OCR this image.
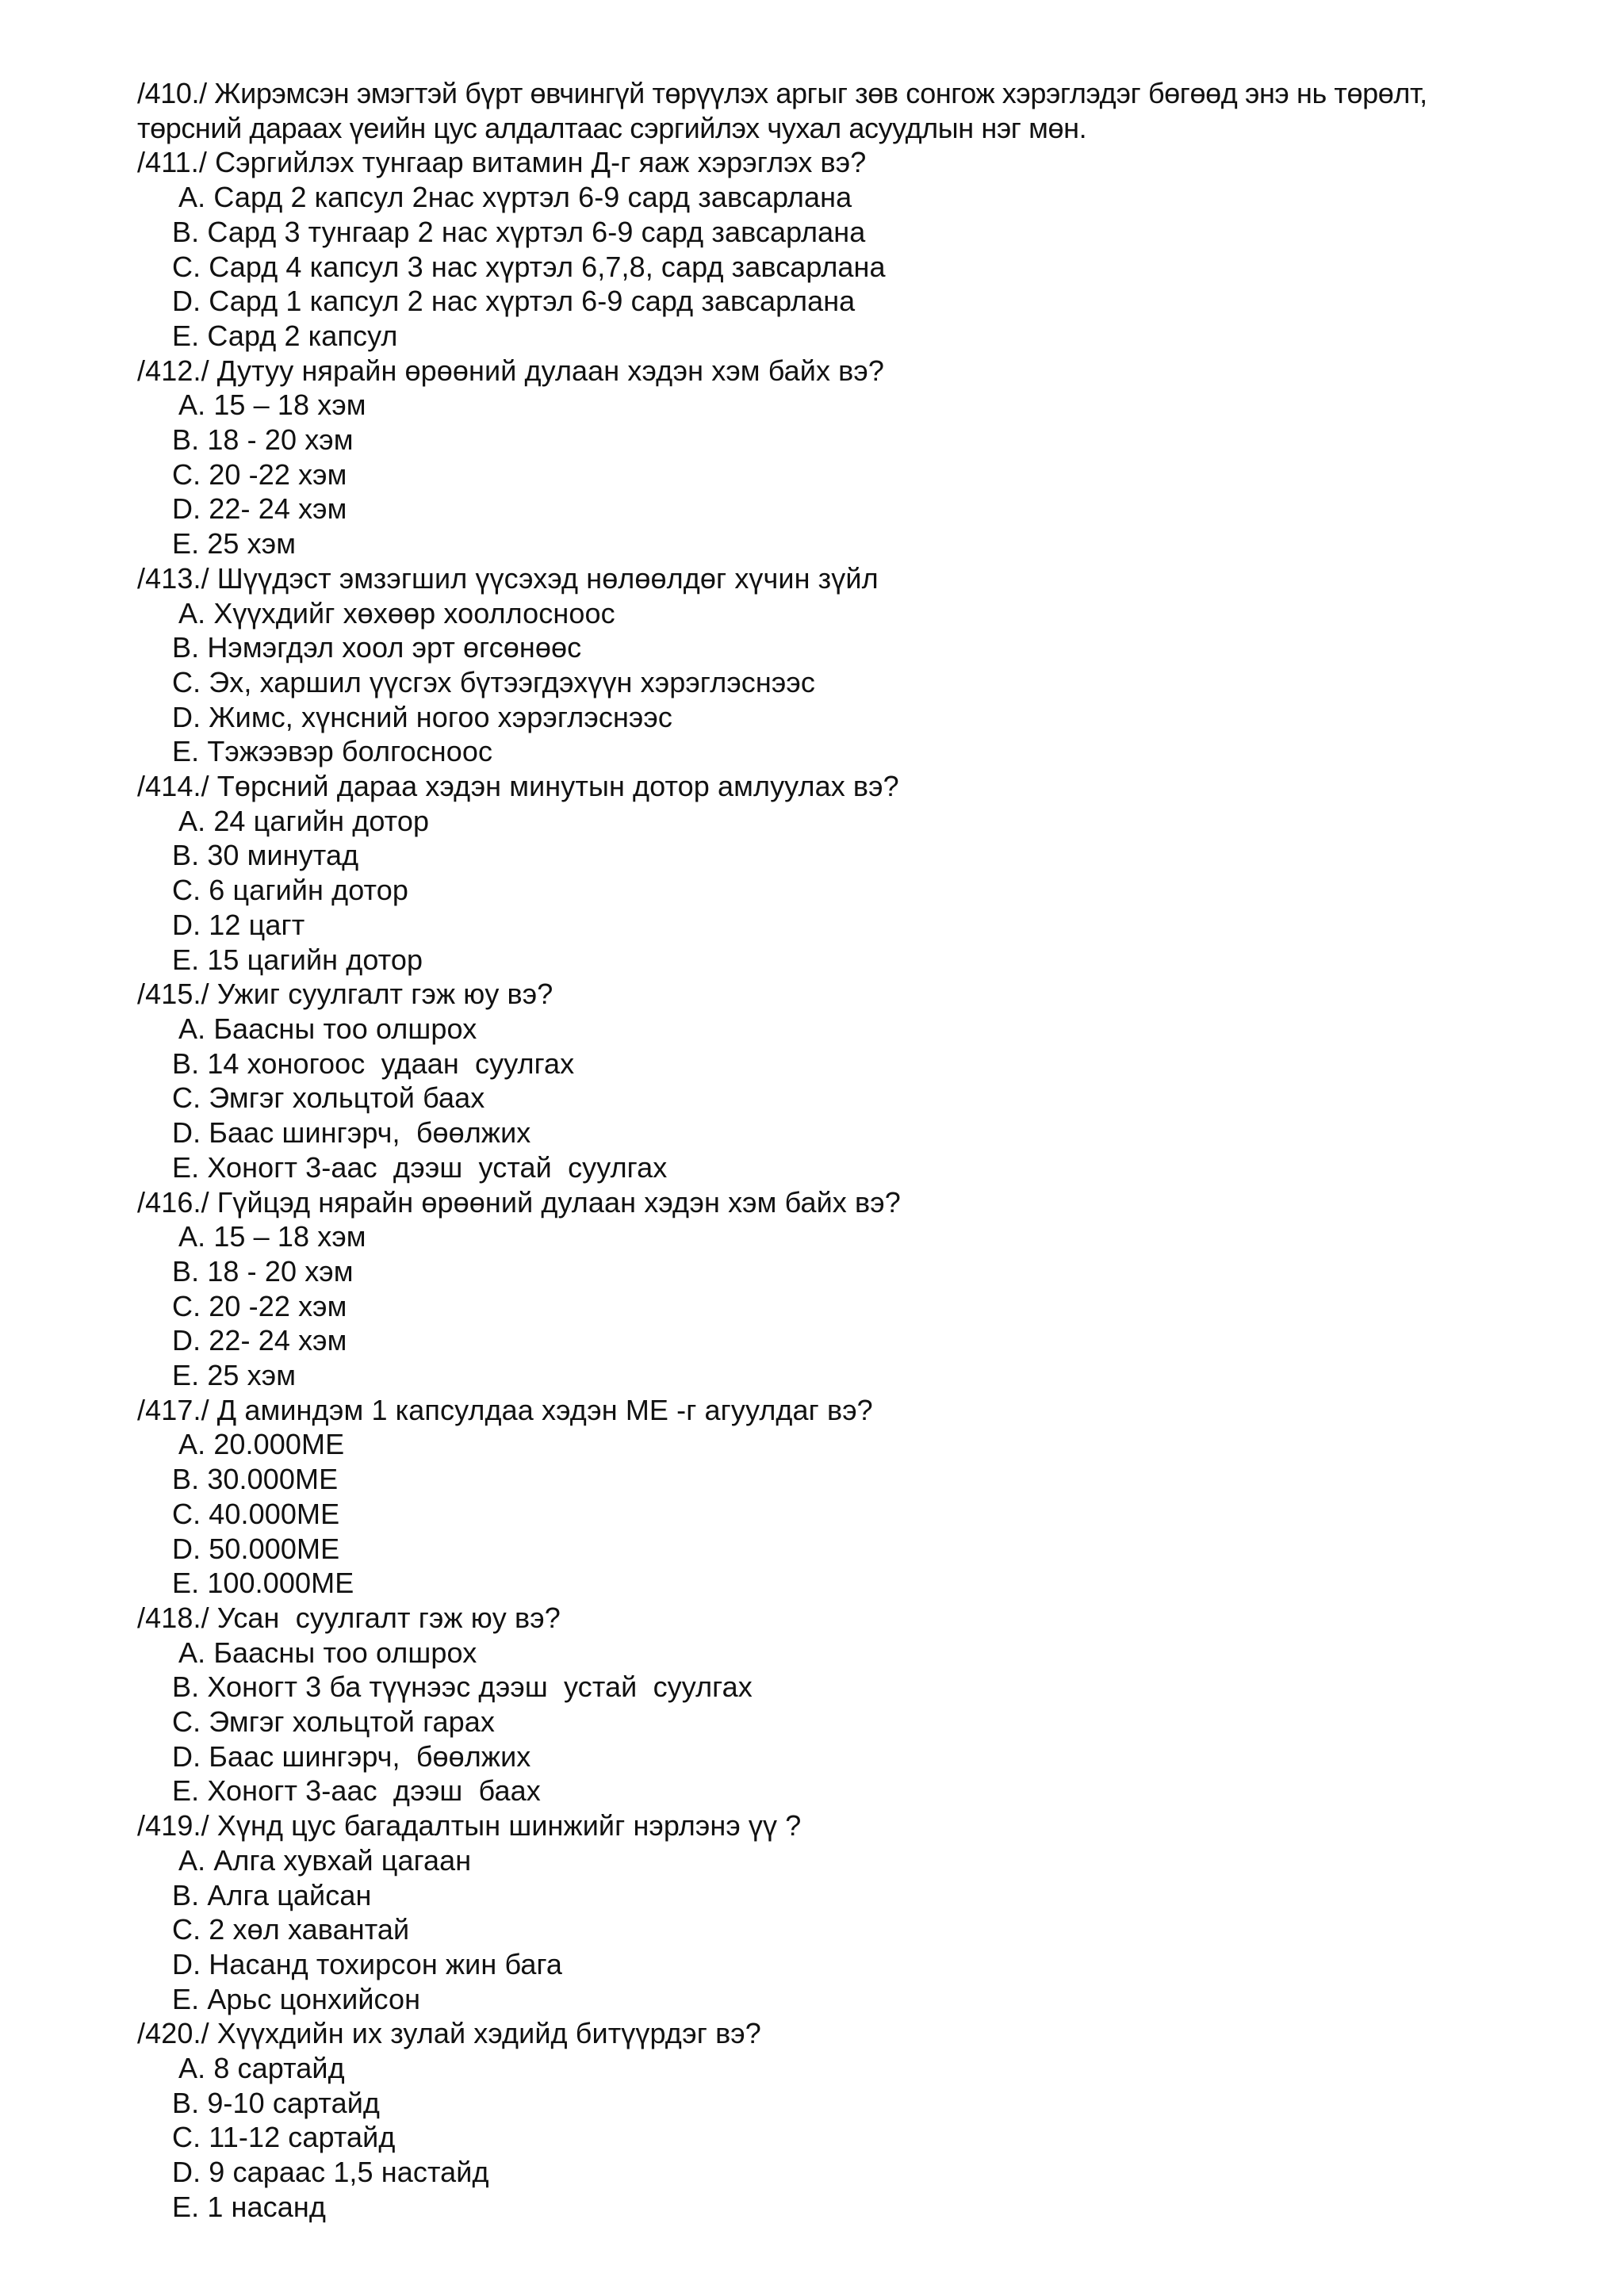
/410./ Жирэмсэн эмэгтэй бүрт өвчингүй төрүүлэх аргыг зөв сонгож хэрэглэдэг бөгөөд энэ нь төрөлт,
төрсний дараах үеийн цус алдалтаас сэргийлэх чухал асуудлын нэг мөн.
/411./ Сэргийлэх тунгаар витамин Д-г яаж хэрэглэх вэ?
A. Сард 2 капсул 2нас хүртэл 6-9 сард завсарлана
B. Сард 3 тунгаар 2 нас хүртэл 6-9 сард завсарлана
C. Сард 4 капсул 3 нас хүртэл 6,7,8, сард завсарлана
D. Сард 1 капсул 2 нас хүртэл 6-9 сард завсарлана
E. Сард 2 капсул
/412./ Дутуу нярайн өрөөний дулаан хэдэн хэм байх вэ?
A. 15 – 18 хэм
B. 18 - 20 хэм
C. 20 -22 хэм
D. 22- 24 хэм
E. 25 хэм
/413./ Шүүдэст эмзэгшил үүсэхэд нөлөөлдөг хүчин зүйл
A. Хүүхдийг хөхөөр хооллосноос
B. Нэмэгдэл хоол эрт өгсөнөөс
C. Эх, харшил үүсгэх бүтээгдэхүүн хэрэглэснээс
D. Жимс, хүнсний ногоо хэрэглэснээс
E. Тэжээвэр болгосноос
/414./ Төрсний дараа хэдэн минутын дотор амлуулах вэ?
A. 24 цагийн дотор
B. 30 минутад
C. 6 цагийн дотор
D. 12 цагт
E. 15 цагийн дотор
/415./ Ужиг суулгалт гэж юу вэ?
A. Баасны тоо олшрох
B. 14 хоногоос  удаан  суулгах
C. Эмгэг хольцтой баах
D. Баас шингэрч,  бөөлжих
E. Хоногт 3-аас  дээш  устай  суулгах
/416./ Гүйцэд нярайн өрөөний дулаан хэдэн хэм байх вэ?
A. 15 – 18 хэм
B. 18 - 20 хэм
C. 20 -22 хэм
D. 22- 24 хэм
E. 25 хэм
/417./ Д аминдэм 1 капсулдаа хэдэн МЕ -г агуулдаг вэ?
A. 20.000МЕ
B. 30.000МЕ
C. 40.000МЕ
D. 50.000МЕ
E. 100.000МЕ
/418./ Усан  суулгалт гэж юу вэ?
A. Баасны тоо олшрох
B. Хоногт 3 ба түүнээс дээш  устай  суулгах
C. Эмгэг хольцтой гарах
D. Баас шингэрч,  бөөлжих
E. Хоногт 3-аас  дээш  баах
/419./ Хүнд цус багадалтын шинжийг нэрлэнэ үү ?
A. Алга хувхай цагаан
B. Алга цайсан
C. 2 хөл хавантай
D. Насанд тохирсон жин бага
E. Арьс цонхийсон
/420./ Хүүхдийн их зулай хэдийд битүүрдэг вэ?
A. 8 сартайд
B. 9-10 сартайд
C. 11-12 сартайд
D. 9 сараас 1,5 настайд
E. 1 насанд
